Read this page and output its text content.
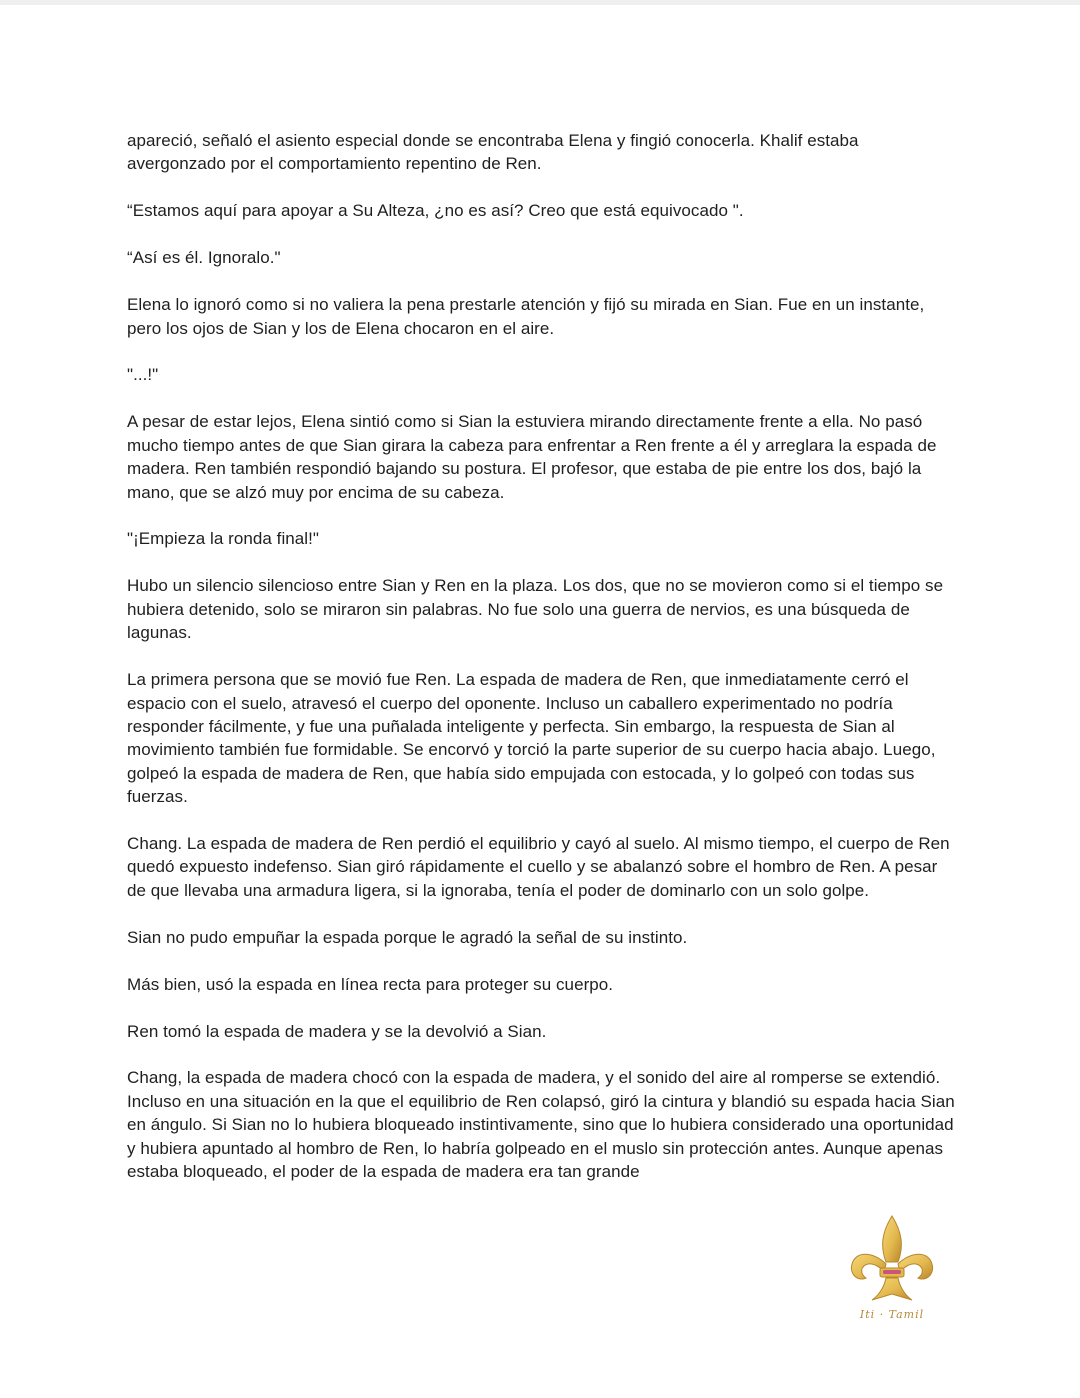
apareció, señaló el asiento especial donde se encontraba Elena y fingió conocerla. Khalif estaba avergonzado por el comportamiento repentino de Ren.

“Estamos aquí para apoyar a Su Alteza, ¿no es así? Creo que está equivocado ".

“Así es él. Ignoralo."

Elena lo ignoró como si no valiera la pena prestarle atención y fijó su mirada en Sian. Fue en un instante, pero los ojos de Sian y los de Elena chocaron en el aire.

"...!"

A pesar de estar lejos, Elena sintió como si Sian la estuviera mirando directamente frente a ella. No pasó mucho tiempo antes de que Sian girara la cabeza para enfrentar a Ren frente a él y arreglara la espada de madera. Ren también respondió bajando su postura. El profesor, que estaba de pie entre los dos, bajó la mano, que se alzó muy por encima de su cabeza.

"¡Empieza la ronda final!"

Hubo un silencio silencioso entre Sian y Ren en la plaza. Los dos, que no se movieron como si el tiempo se hubiera detenido, solo se miraron sin palabras. No fue solo una guerra de nervios, es una búsqueda de lagunas.

La primera persona que se movió fue Ren. La espada de madera de Ren, que inmediatamente cerró el espacio con el suelo, atravesó el cuerpo del oponente. Incluso un caballero experimentado no podría responder fácilmente, y fue una puñalada inteligente y perfecta. Sin embargo, la respuesta de Sian al movimiento también fue formidable. Se encorvó y torció la parte superior de su cuerpo hacia abajo. Luego, golpeó la espada de madera de Ren, que había sido empujada con estocada, y lo golpeó con todas sus fuerzas.

Chang. La espada de madera de Ren perdió el equilibrio y cayó al suelo. Al mismo tiempo, el cuerpo de Ren quedó expuesto indefenso. Sian giró rápidamente el cuello y se abalanzó sobre el hombro de Ren. A pesar de que llevaba una armadura ligera, si la ignoraba, tenía el poder de dominarlo con un solo golpe.

Sian no pudo empuñar la espada porque le agradó la señal de su instinto.

Más bien, usó la espada en línea recta para proteger su cuerpo.

Ren tomó la espada de madera y se la devolvió a Sian.

Chang, la espada de madera chocó con la espada de madera, y el sonido del aire al romperse se extendió. Incluso en una situación en la que el equilibrio de Ren colapsó, giró la cintura y blandió su espada hacia Sian en ángulo. Si Sian no lo hubiera bloqueado instintivamente, sino que lo hubiera considerado una oportunidad y hubiera apuntado al hombro de Ren, lo habría golpeado en el muslo sin protección antes. Aunque apenas estaba bloqueado, el poder de la espada de madera era tan grande

Iti · Tamil
